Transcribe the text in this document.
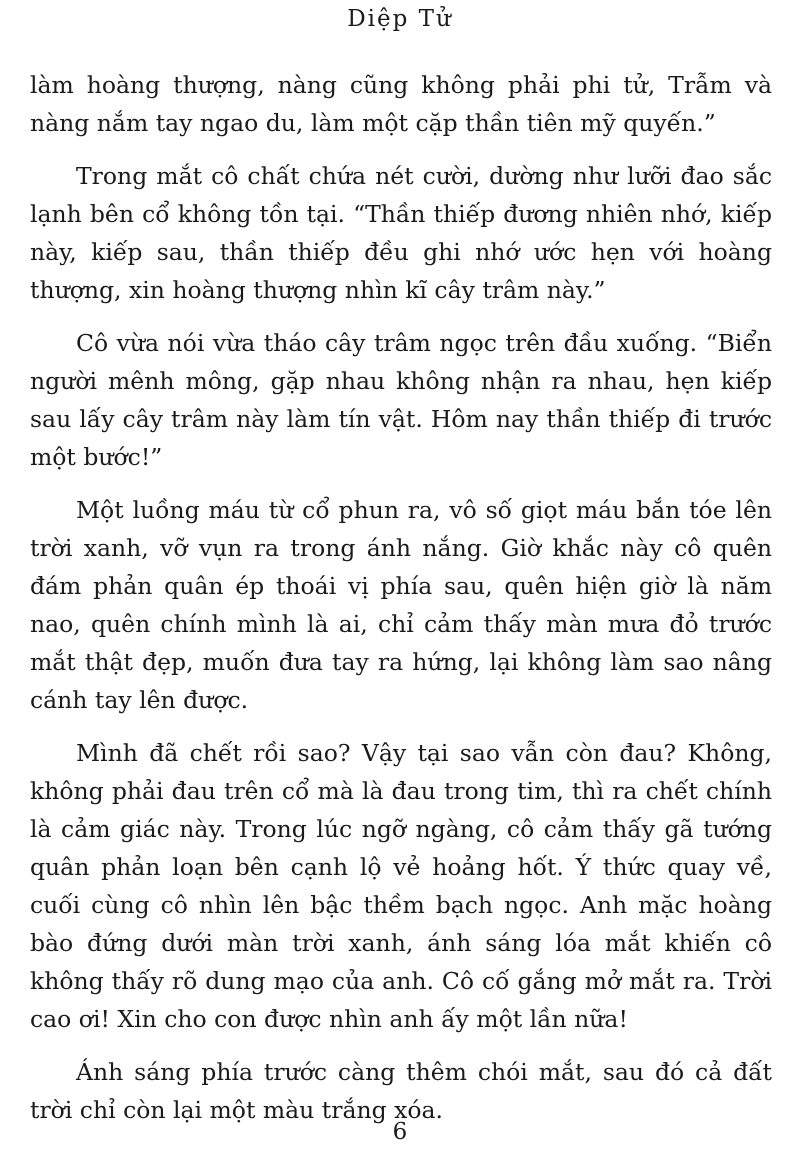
Diệp Tử

làm hoàng thượng, nàng cũng không phải phi tử, Trẫm và nàng nắm tay ngao du, làm một cặp thần tiên mỹ quyến.”

Trong mắt cô chất chứa nét cười, dường như lưỡi đao sắc lạnh bên cổ không tồn tại. “Thần thiếp đương nhiên nhớ, kiếp này, kiếp sau, thần thiếp đều ghi nhớ ước hẹn với hoàng thượng, xin hoàng thượng nhìn kĩ cây trâm này.”

Cô vừa nói vừa tháo cây trâm ngọc trên đầu xuống. “Biển người mênh mông, gặp nhau không nhận ra nhau, hẹn kiếp sau lấy cây trâm này làm tín vật. Hôm nay thần thiếp đi trước một bước!”

Một luồng máu từ cổ phun ra, vô số giọt máu bắn tóe lên trời xanh, vỡ vụn ra trong ánh nắng. Giờ khắc này cô quên đám phản quân ép thoái vị phía sau, quên hiện giờ là năm nao, quên chính mình là ai, chỉ cảm thấy màn mưa đỏ trước mắt thật đẹp, muốn đưa tay ra hứng, lại không làm sao nâng cánh tay lên được.

Mình đã chết rồi sao? Vậy tại sao vẫn còn đau? Không, không phải đau trên cổ mà là đau trong tim, thì ra chết chính là cảm giác này. Trong lúc ngỡ ngàng, cô cảm thấy gã tướng quân phản loạn bên cạnh lộ vẻ hoảng hốt. Ý thức quay về, cuối cùng cô nhìn lên bậc thềm bạch ngọc. Anh mặc hoàng bào đứng dưới màn trời xanh, ánh sáng lóa mắt khiến cô không thấy rõ dung mạo của anh. Cô cố gắng mở mắt ra. Trời cao ơi! Xin cho con được nhìn anh ấy một lần nữa!

Ánh sáng phía trước càng thêm chói mắt, sau đó cả đất trời chỉ còn lại một màu trắng xóa.

6
